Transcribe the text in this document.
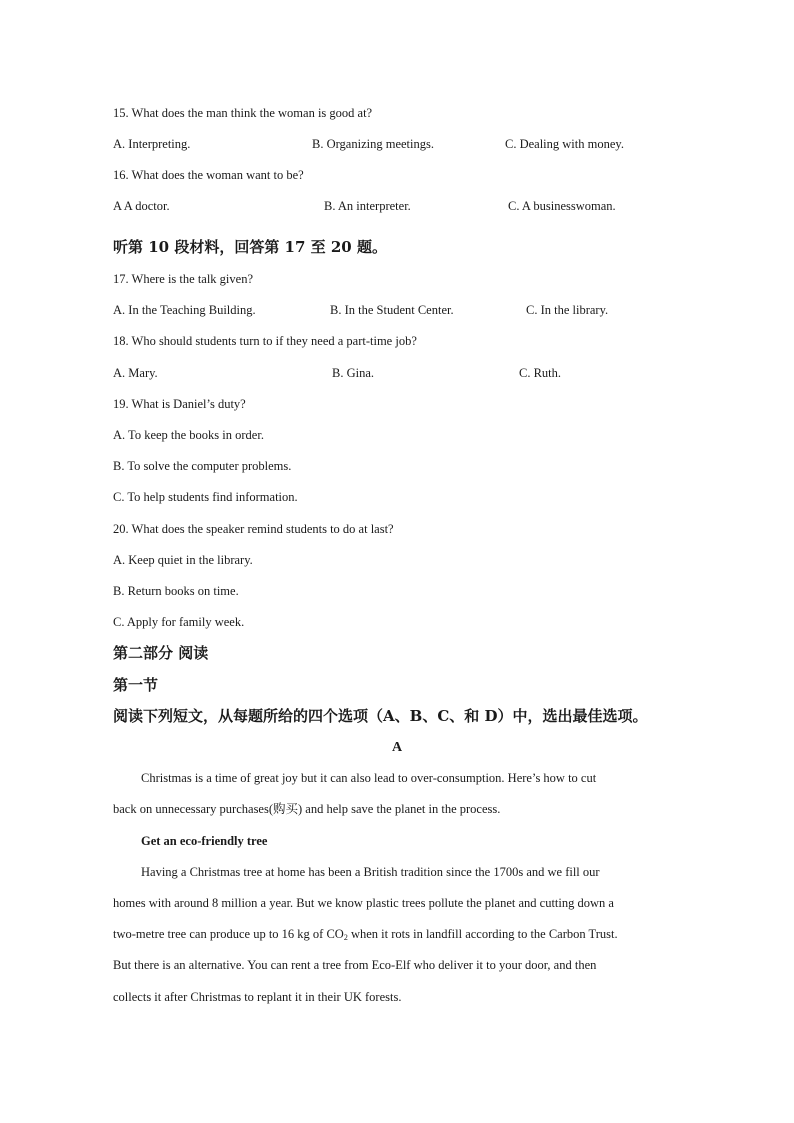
15. What does the man think the woman is good at?
A. Interpreting.	B. Organizing meetings.	C. Dealing with money.
16. What does the woman want to be?
A A doctor.	B. An interpreter.	C. A businesswoman.
听第 10 段材料，回答第 17 至 20 题。
17. Where is the talk given?
A. In the Teaching Building.	B. In the Student Center.	C. In the library.
18. Who should students turn to if they need a part-time job?
A. Mary.	B. Gina.	C. Ruth.
19. What is Daniel’s duty?
A. To keep the books in order.
B. To solve the computer problems.
C. To help students find information.
20. What does the speaker remind students to do at last?
A. Keep quiet in the library.
B. Return books on time.
C. Apply for family week.
第二部分 阅读
第一节
阅读下列短文，从每题所给的四个选项（A、B、C、和 D）中，选出最佳选项。
A
Christmas is a time of great joy but it can also lead to over-consumption. Here’s how to cut
back on unnecessary purchases(购买) and help save the planet in the process.
Get an eco-friendly tree
Having a Christmas tree at home has been a British tradition since the 1700s and we fill our
homes with around 8 million a year. But we know plastic trees pollute the planet and cutting down a
two-metre tree can produce up to 16 kg of $CO_2$ when it rots in landfill according to the Carbon Trust.
But there is an alternative. You can rent a tree from Eco-Elf who deliver it to your door, and then
collects it after Christmas to replant it in their UK forests.
